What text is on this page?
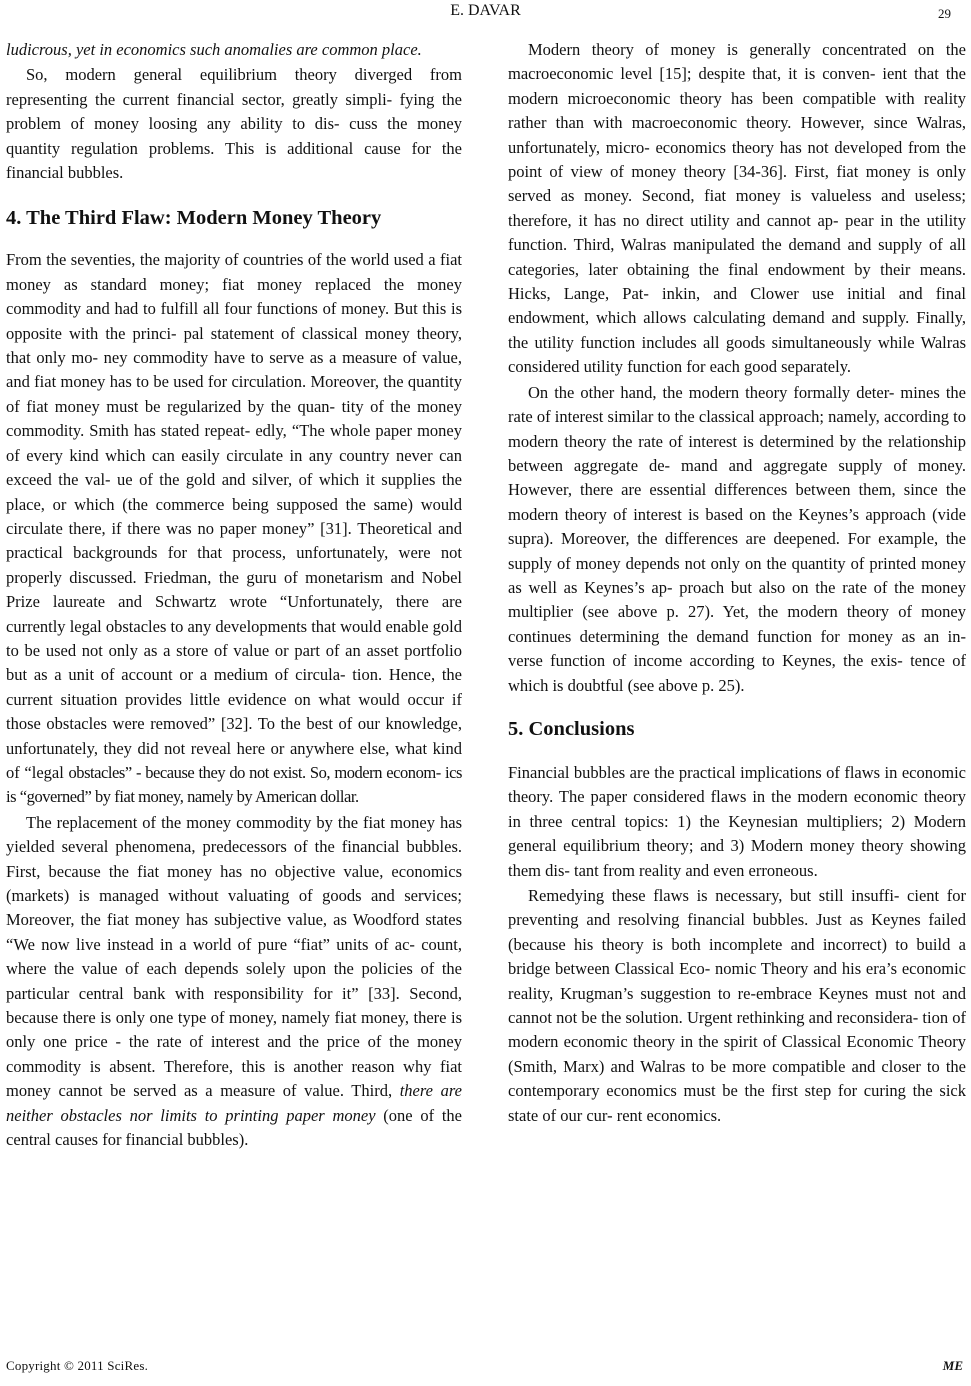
E. DAVAR	29

ludicrous, yet in economics such anomalies are common place.

So, modern general equilibrium theory diverged from representing the current financial sector, greatly simpli- fying the problem of money loosing any ability to dis- cuss the money quantity regulation problems. This is additional cause for the financial bubbles.

4. The Third Flaw: Modern Money Theory

From the seventies, the majority of countries of the world used a fiat money as standard money; fiat money replaced the money commodity and had to fulfill all four functions of money. But this is opposite with the princi- pal statement of classical money theory, that only mo- ney commodity have to serve as a measure of value, and fiat money has to be used for circulation. Moreover, the quantity of fiat money must be regularized by the quan- tity of the money commodity. Smith has stated repeat- edly, “The whole paper money of every kind which can easily circulate in any country never can exceed the val- ue of the gold and silver, of which it supplies the place, or which (the commerce being supposed the same) would circulate there, if there was no paper money” [31]. Theoretical and practical backgrounds for that process, unfortunately, were not properly discussed. Friedman, the guru of monetarism and Nobel Prize laureate and Schwartz wrote “Unfortunately, there are currently legal obstacles to any developments that would enable gold to be used not only as a store of value or part of an asset portfolio but as a unit of account or a medium of circula- tion. Hence, the current situation provides little evidence on what would occur if those obstacles were removed” [32]. To the best of our knowledge, unfortunately, they did not reveal here or anywhere else, what kind of “legal obstacles” - because they do not exist. So, modern econom- ics is “governed” by fiat money, namely by American dollar.

The replacement of the money commodity by the fiat money has yielded several phenomena, predecessors of the financial bubbles. First, because the fiat money has no objective value, economics (markets) is managed without valuating of goods and services; Moreover, the fiat money has subjective value, as Woodford states “We now live instead in a world of pure “fiat” units of ac- count, where the value of each depends solely upon the policies of the particular central bank with responsibility for it” [33]. Second, because there is only one type of money, namely fiat money, there is only one price - the rate of interest and the price of the money commodity is absent. Therefore, this is another reason why fiat money cannot be served as a measure of value. Third, there are neither obstacles nor limits to printing paper money (one of the central causes for financial bubbles).

Modern theory of money is generally concentrated on the macroeconomic level [15]; despite that, it is conven- ient that the modern microeconomic theory has been compatible with reality rather than with macroeconomic theory. However, since Walras, unfortunately, micro- economics theory has not developed from the point of view of money theory [34-36]. First, fiat money is only served as money. Second, fiat money is valueless and useless; therefore, it has no direct utility and cannot ap- pear in the utility function. Third, Walras manipulated the demand and supply of all categories, later obtaining the final endowment by their means. Hicks, Lange, Pat- inkin, and Clower use initial and final endowment, which allows calculating demand and supply. Finally, the utility function includes all goods simultaneously while Walras considered utility function for each good separately.

On the other hand, the modern theory formally deter- mines the rate of interest similar to the classical approach; namely, according to modern theory the rate of interest is determined by the relationship between aggregate de- mand and aggregate supply of money. However, there are essential differences between them, since the modern theory of interest is based on the Keynes’s approach (vide supra). Moreover, the differences are deepened. For example, the supply of money depends not only on the quantity of printed money as well as Keynes’s ap- proach but also on the rate of the money multiplier (see above p. 27). Yet, the modern theory of money continues determining the demand function for money as an in- verse function of income according to Keynes, the exis- tence of which is doubtful (see above p. 25).

5. Conclusions

Financial bubbles are the practical implications of flaws in economic theory. The paper considered flaws in the modern economic theory in three central topics: 1) the Keynesian multipliers; 2) Modern general equilibrium theory; and 3) Modern money theory showing them dis- tant from reality and even erroneous.

Remedying these flaws is necessary, but still insuffi- cient for preventing and resolving financial bubbles. Just as Keynes failed (because his theory is both incomplete and incorrect) to build a bridge between Classical Eco- nomic Theory and his era’s economic reality, Krugman’s suggestion to re-embrace Keynes must not and cannot not be the solution. Urgent rethinking and reconsidera- tion of modern economic theory in the spirit of Classical Economic Theory (Smith, Marx) and Walras to be more compatible and closer to the contemporary economics must be the first step for curing the sick state of our cur- rent economics.

Copyright © 2011 SciRes.	ME
